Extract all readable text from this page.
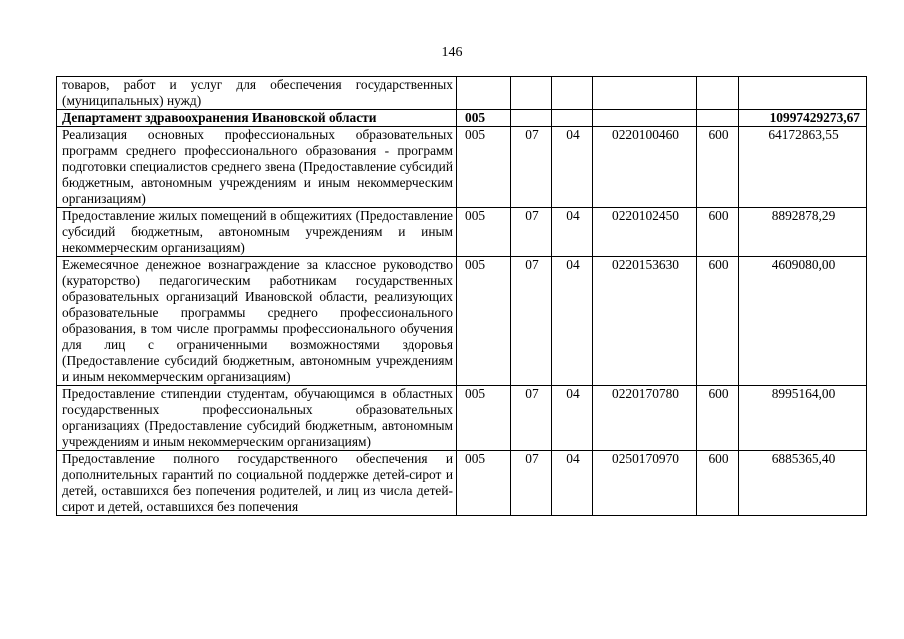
146
товаров, работ и услуг для обеспечения государственных (муниципальных) нужд)						
Департамент здравоохранения Ивановской области	005					10997429273,67
Реализация основных профессиональных образовательных программ среднего профессионального образования - программ подготовки специалистов среднего звена (Предоставление субсидий бюджетным, автономным учреждениям и иным некоммерческим организациям)	005	07	04	0220100460	600	64172863,55
Предоставление жилых помещений в общежитиях (Предоставление субсидий бюджетным, автономным учреждениям и иным некоммерческим организациям)	005	07	04	0220102450	600	8892878,29
Ежемесячное денежное вознаграждение за классное руководство (кураторство) педагогическим работникам государственных образовательных организаций Ивановской области, реализующих образовательные программы среднего профессионального образования, в том числе программы профессионального обучения для лиц с ограниченными возможностями здоровья (Предоставление субсидий бюджетным, автономным учреждениям и иным некоммерческим организациям)	005	07	04	0220153630	600	4609080,00
Предоставление стипендии студентам, обучающимся в областных государственных профессиональных образовательных организациях (Предоставление субсидий бюджетным, автономным учреждениям и иным некоммерческим организациям)	005	07	04	0220170780	600	8995164,00
Предоставление полного государственного обеспечения и дополнительных гарантий по социальной поддержке детей-сирот и детей, оставшихся без попечения родителей, и лиц из числа детей-сирот и детей, оставшихся без попечения	005	07	04	0250170970	600	6885365,40
